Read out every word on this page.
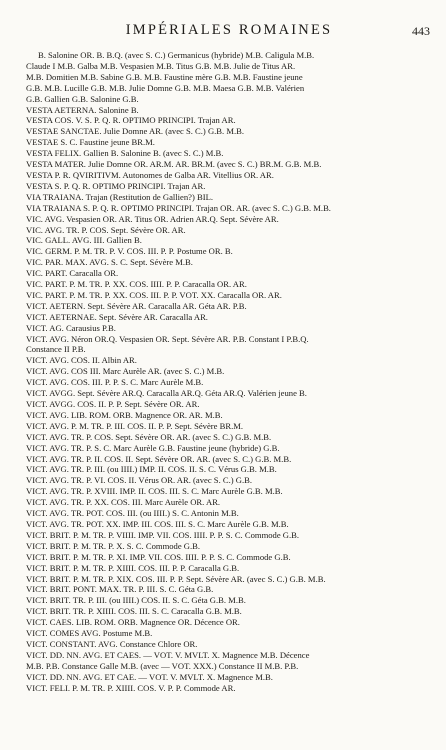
IMPÉRIALES ROMAINES	443
B. Salonine OR. B. B.Q. (avec S. C.) Germanicus (hybride) M.B. Caligula M.B.
Claude I M.B. Galba M.B. Vespasien M.B. Titus G.B. M.B. Julie de Titus AR.
M.B. Domitien M.B. Sabine G.B. M.B. Faustine mère G.B. M.B. Faustine jeune
G.B. M.B. Lucille G.B. M.B. Julie Domne G.B. M.B. Maesa G.B. M.B. Valérien
G.B. Gallien G.B. Salonine G.B.
VESTA AETERNA. Salonine B.
VESTA COS. V. S. P. Q. R. OPTIMO PRINCIPI. Trajan AR.
VESTAE SANCTAE. Julie Domne AR. (avec S. C.) G.B. M.B.
VESTAE S. C. Faustine jeune BR.M.
VESTA FELIX. Gallien B. Salonine B. (avec S. C.) M.B.
VESTA MATER. Julie Domne OR. AR.M. AR. BR.M. (avec S. C.) BR.M. G.B. M.B.
VESTA P. R. QVIRITIVM. Autonomes de Galba AR. Vitellius OR. AR.
VESTA S. P. Q. R. OPTIMO PRINCIPI. Trajan AR.
VIA TRAIANA. Trajan (Restitution de Gallien?) BIL.
VIA TRAIANA S. P. Q. R. OPTIMO PRINCIPI. Trajan OR. AR. (avec S. C.) G.B. M.B.
VIC. AVG. Vespasien OR. AR. Titus OR. Adrien AR.Q. Sept. Sévère AR.
VIC. AVG. TR. P. COS. Sept. Sévère OR. AR.
VIC. GALL. AVG. III. Gallien B.
VIC. GERM. P. M. TR. P. V. COS. III. P. P. Postume OR. B.
VIC. PAR. MAX. AVG. S. C. Sept. Sévère M.B.
VIC. PART. Caracalla OR.
VIC. PART. P. M. TR. P. XX. COS. IIII. P. P. Caracalla OR. AR.
VIC. PART. P. M. TR. P. XX. COS. III. P. P. VOT. XX. Caracalla OR. AR.
VICT. AETERN. Sept. Sévère AR. Caracalla AR. Géta AR. P.B.
VICT. AETERNAE. Sept. Sévère AR. Caracalla AR.
VICT. AG. Carausius P.B.
VICT. AVG. Néron OR.Q. Vespasien OR. Sept. Sévère AR. P.B. Constant I P.B.Q.
Constance II P.B.
VICT. AVG. COS. II. Albin AR.
VICT. AVG. COS III. Marc Aurèle AR. (avec S. C.) M.B.
VICT. AVG. COS. III. P. P. S. C. Marc Aurèle M.B.
VICT. AVGG. Sept. Sévère AR.Q. Caracalla AR.Q. Géta AR.Q. Valérien jeune B.
VICT. AVGG. COS. II. P. P. Sept. Sévère OR. AR.
VICT. AVG. LIB. ROM. ORB. Magnence OR. AR. M.B.
VICT. AVG. P. M. TR. P. III. COS. II. P. P. Sept. Sévère BR.M.
VICT. AVG. TR. P. COS. Sept. Sévère OR. AR. (avec S. C.) G.B. M.B.
VICT. AVG. TR. P. S. C. Marc Aurèle G.B. Faustine jeune (hybride) G.B.
VICT. AVG. TR. P. II. COS. II. Sept. Sévère OR. AR. (avec S. C.) G.B. M.B.
VICT. AVG. TR. P. III. (ou IIII.) IMP. II. COS. II. S. C. Vérus G.B. M.B.
VICT. AVG. TR. P. VI. COS. II. Vérus OR. AR. (avec S. C.) G.B.
VICT. AVG. TR. P. XVIII. IMP. II. COS. III. S. C. Marc Aurèle G.B. M.B.
VICT. AVG. TR. P. XX. COS. III. Marc Aurèle OR. AR.
VICT. AVG. TR. POT. COS. III. (ou IIII.) S. C. Antonin M.B.
VICT. AVG. TR. POT. XX. IMP. III. COS. III. S. C. Marc Aurèle G.B. M.B.
VICT. BRIT. P. M. TR. P. VIIII. IMP. VII. COS. IIII. P. P. S. C. Commode G.B.
VICT. BRIT. P. M. TR. P. X. S. C. Commode G.B.
VICT. BRIT. P. M. TR. P. XI. IMP. VII. COS. IIII. P. P. S. C. Commode G.B.
VICT. BRIT. P. M. TR. P. XIIII. COS. III. P. P. Caracalla G.B.
VICT. BRIT. P. M. TR. P. XIX. COS. III. P. P. Sept. Sévère AR. (avec S. C.) G.B. M.B.
VICT. BRIT. PONT. MAX. TR. P. III. S. C. Géta G.B.
VICT. BRIT. TR. P. III. (ou IIII.) COS. II. S. C. Géta G.B. M.B.
VICT. BRIT. TR. P. XIIII. COS. III. S. C. Caracalla G.B. M.B.
VICT. CAES. LIB. ROM. ORB. Magnence OR. Décence OR.
VICT. COMES AVG. Postume M.B.
VICT. CONSTANT. AVG. Constance Chlore OR.
VICT. DD. NN. AVG. ET CAES. — VOT. V. MVLT. X. Magnence M.B. Décence
M.B. P.B. Constance Galle M.B. (avec — VOT. XXX.) Constance II M.B. P.B.
VICT. DD. NN. AVG. ET CAE. — VOT. V. MVLT. X. Magnence M.B.
VICT. FELI. P. M. TR. P. XIIII. COS. V. P. P. Commode AR.
